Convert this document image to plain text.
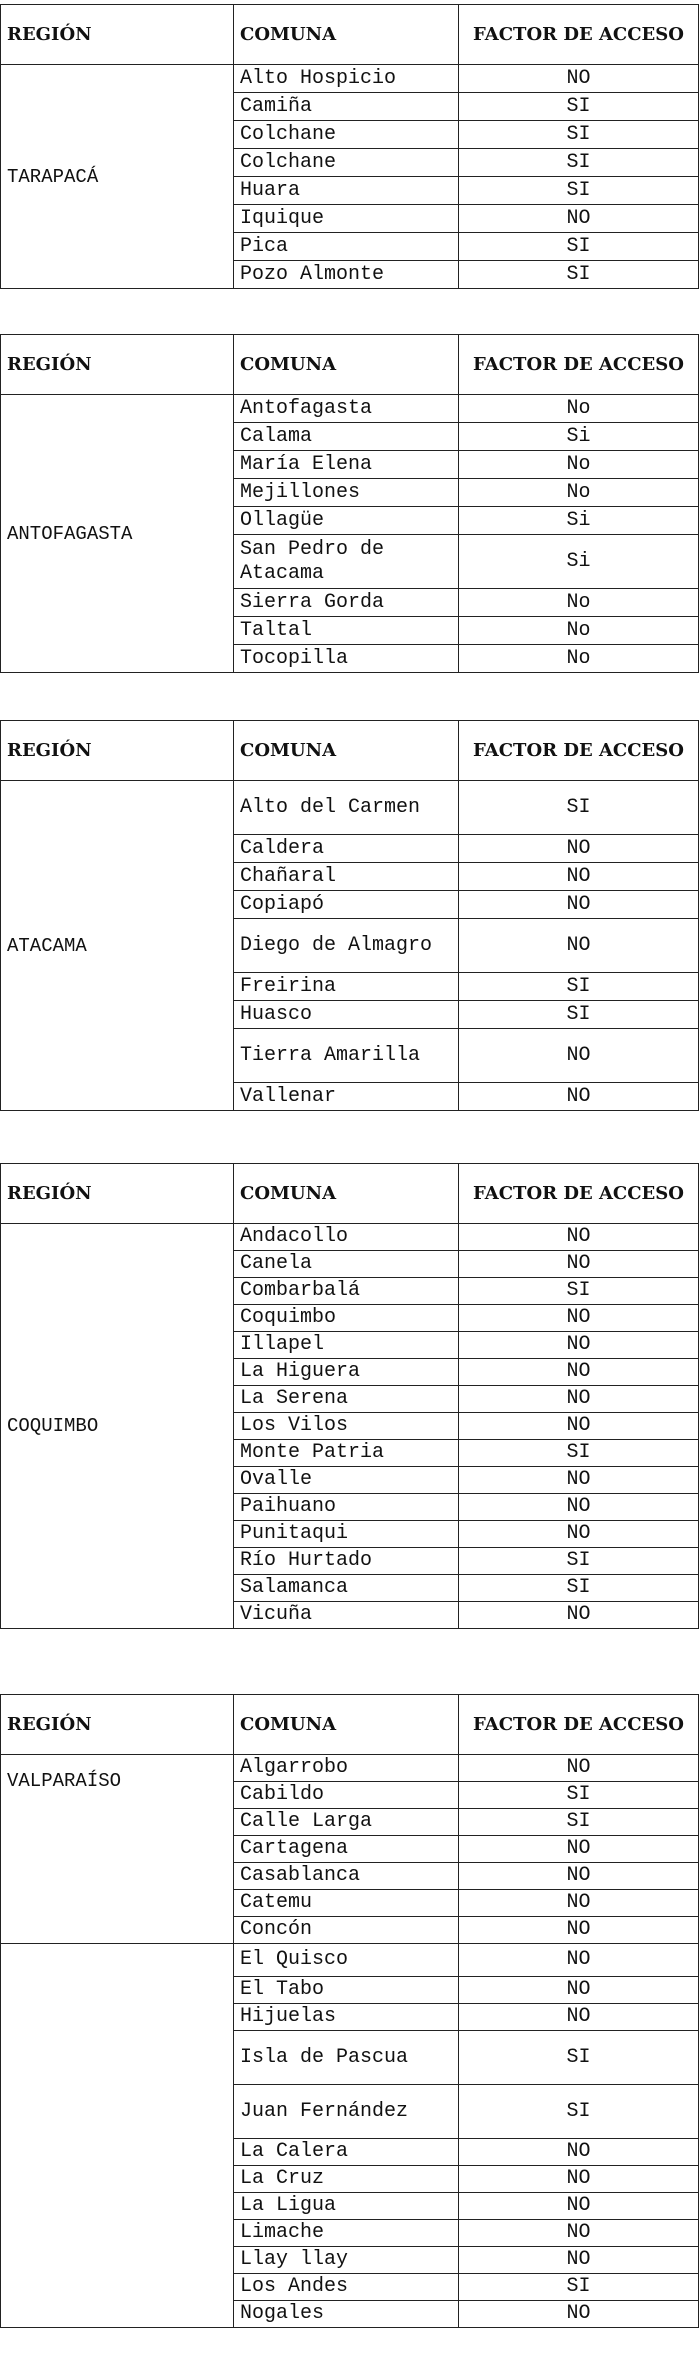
REGIÓN	COMUNA	FACTOR DE ACCESO
TARAPACÁ	Alto Hospicio	NO
	Camiña	SI
	Colchane	SI
	Colchane	SI
	Huara	SI
	Iquique	NO
	Pica	SI
	Pozo Almonte	SI
REGIÓN	COMUNA	FACTOR DE ACCESO
ANTOFAGASTA	Antofagasta	No
	Calama	Si
	María Elena	No
	Mejillones	No
	Ollagüe	Si
	San Pedro de Atacama	Si
	Sierra Gorda	No
	Taltal	No
	Tocopilla	No
REGIÓN	COMUNA	FACTOR DE ACCESO
ATACAMA	Alto del Carmen	SI
	Caldera	NO
	Chañaral	NO
	Copiapó	NO
	Diego de Almagro	NO
	Freirina	SI
	Huasco	SI
	Tierra Amarilla	NO
	Vallenar	NO
REGIÓN	COMUNA	FACTOR DE ACCESO
COQUIMBO	Andacollo	NO
	Canela	NO
	Combarbalá	SI
	Coquimbo	NO
	Illapel	NO
	La Higuera	NO
	La Serena	NO
	Los Vilos	NO
	Monte Patria	SI
	Ovalle	NO
	Paihuano	NO
	Punitaqui	NO
	Río Hurtado	SI
	Salamanca	SI
	Vicuña	NO
REGIÓN	COMUNA	FACTOR DE ACCESO
VALPARAÍSO	Algarrobo	NO
	Cabildo	SI
	Calle Larga	SI
	Cartagena	NO
	Casablanca	NO
	Catemu	NO
	Concón	NO
	El Quisco	NO
	El Tabo	NO
	Hijuelas	NO
	Isla de Pascua	SI
	Juan Fernández	SI
	La Calera	NO
	La Cruz	NO
	La Ligua	NO
	Limache	NO
	Llay llay	NO
	Los Andes	SI
	Nogales	NO
